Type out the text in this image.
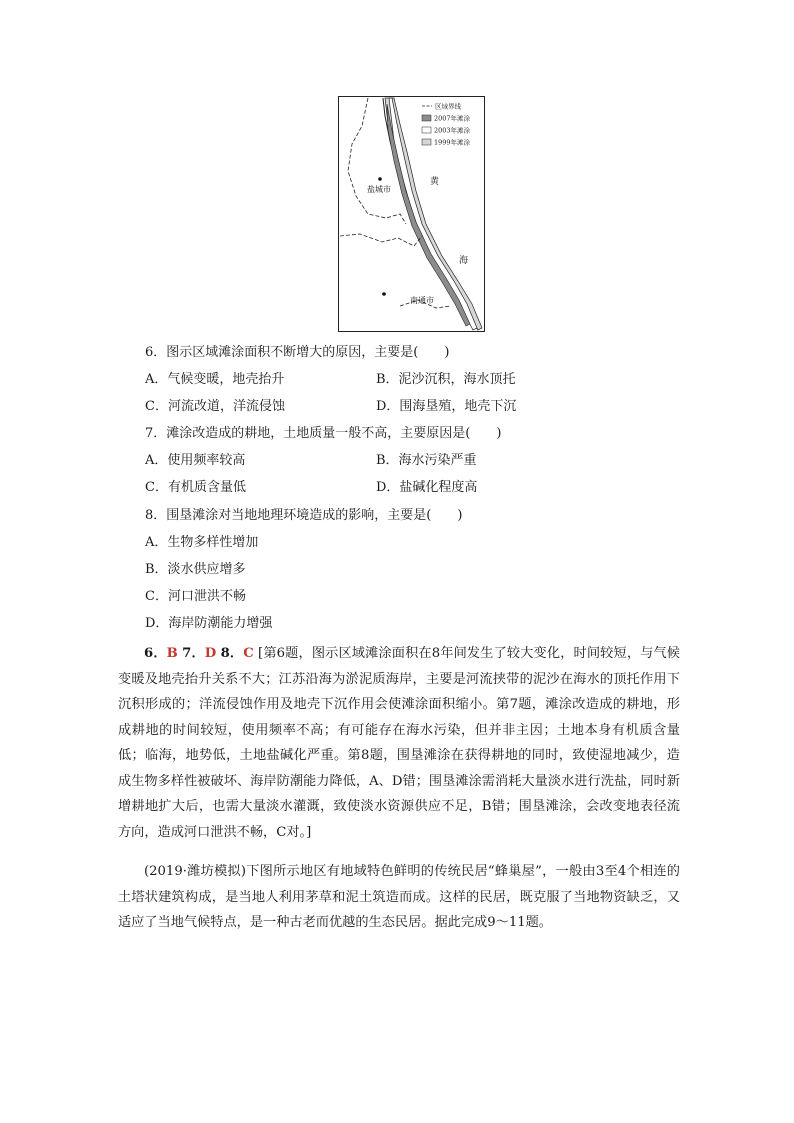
区域界线
2007年滩涂
2003年滩涂
1999年滩涂
盐城市
南通市
黄
海
6．图示区域滩涂面积不断增大的原因，主要是(　　)
A．气候变暖，地壳抬升	B．泥沙沉积，海水顶托
C．河流改道，洋流侵蚀	D．围海垦殖，地壳下沉
7．滩涂改造成的耕地，土地质量一般不高，主要原因是(　　)
A．使用频率较高	B．海水污染严重
C．有机质含量低	D．盐碱化程度高
8．围垦滩涂对当地地理环境造成的影响，主要是(　　)
A．生物多样性增加
B．淡水供应增多
C．河口泄洪不畅
D．海岸防潮能力增强
6．B 7．D 8．C [第6题，图示区域滩涂面积在8年间发生了较大变化，时间较短，与气候变暖及地壳抬升关系不大；江苏沿海为淤泥质海岸，主要是河流挟带的泥沙在海水的顶托作用下沉积形成的；洋流侵蚀作用及地壳下沉作用会使滩涂面积缩小。第7题，滩涂改造成的耕地，形成耕地的时间较短，使用频率不高；有可能存在海水污染，但并非主因；土地本身有机质含量低；临海，地势低，土地盐碱化严重。第8题，围垦滩涂在获得耕地的同时，致使湿地减少，造成生物多样性被破坏、海岸防潮能力降低，A、D错；围垦滩涂需消耗大量淡水进行洗盐，同时新增耕地扩大后，也需大量淡水灌溉，致使淡水资源供应不足，B错；围垦滩涂，会改变地表径流方向，造成河口泄洪不畅，C对。]
(2019·潍坊模拟)下图所示地区有地域特色鲜明的传统民居“蜂巢屋”，一般由3至4个相连的土塔状建筑构成，是当地人利用茅草和泥土筑造而成。这样的民居，既克服了当地物资缺乏，又适应了当地气候特点，是一种古老而优越的生态民居。据此完成9～11题。
